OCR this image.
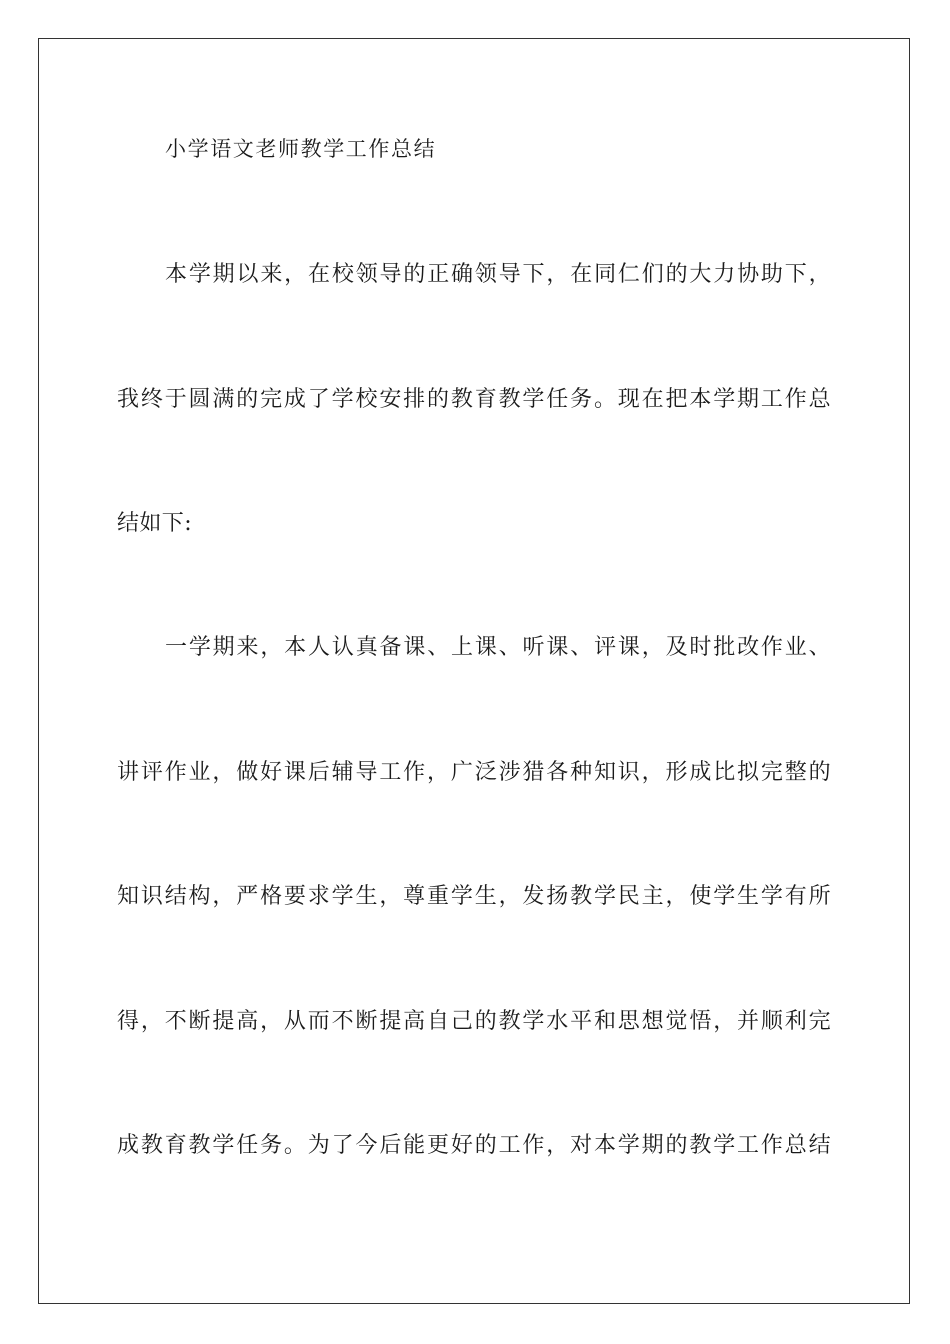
小学语文老师教学工作总结
本学期以来，在校领导的正确领导下，在同仁们的大力协助下，
我终于圆满的完成了学校安排的教育教学任务。现在把本学期工作总
结如下:
一学期来，本人认真备课、上课、听课、评课，及时批改作业、
讲评作业，做好课后辅导工作，广泛涉猎各种知识，形成比拟完整的
知识结构，严格要求学生，尊重学生，发扬教学民主，使学生学有所
得，不断提高，从而不断提高自己的教学水平和思想觉悟，并顺利完
成教育教学任务。为了今后能更好的工作，对本学期的教学工作总结
